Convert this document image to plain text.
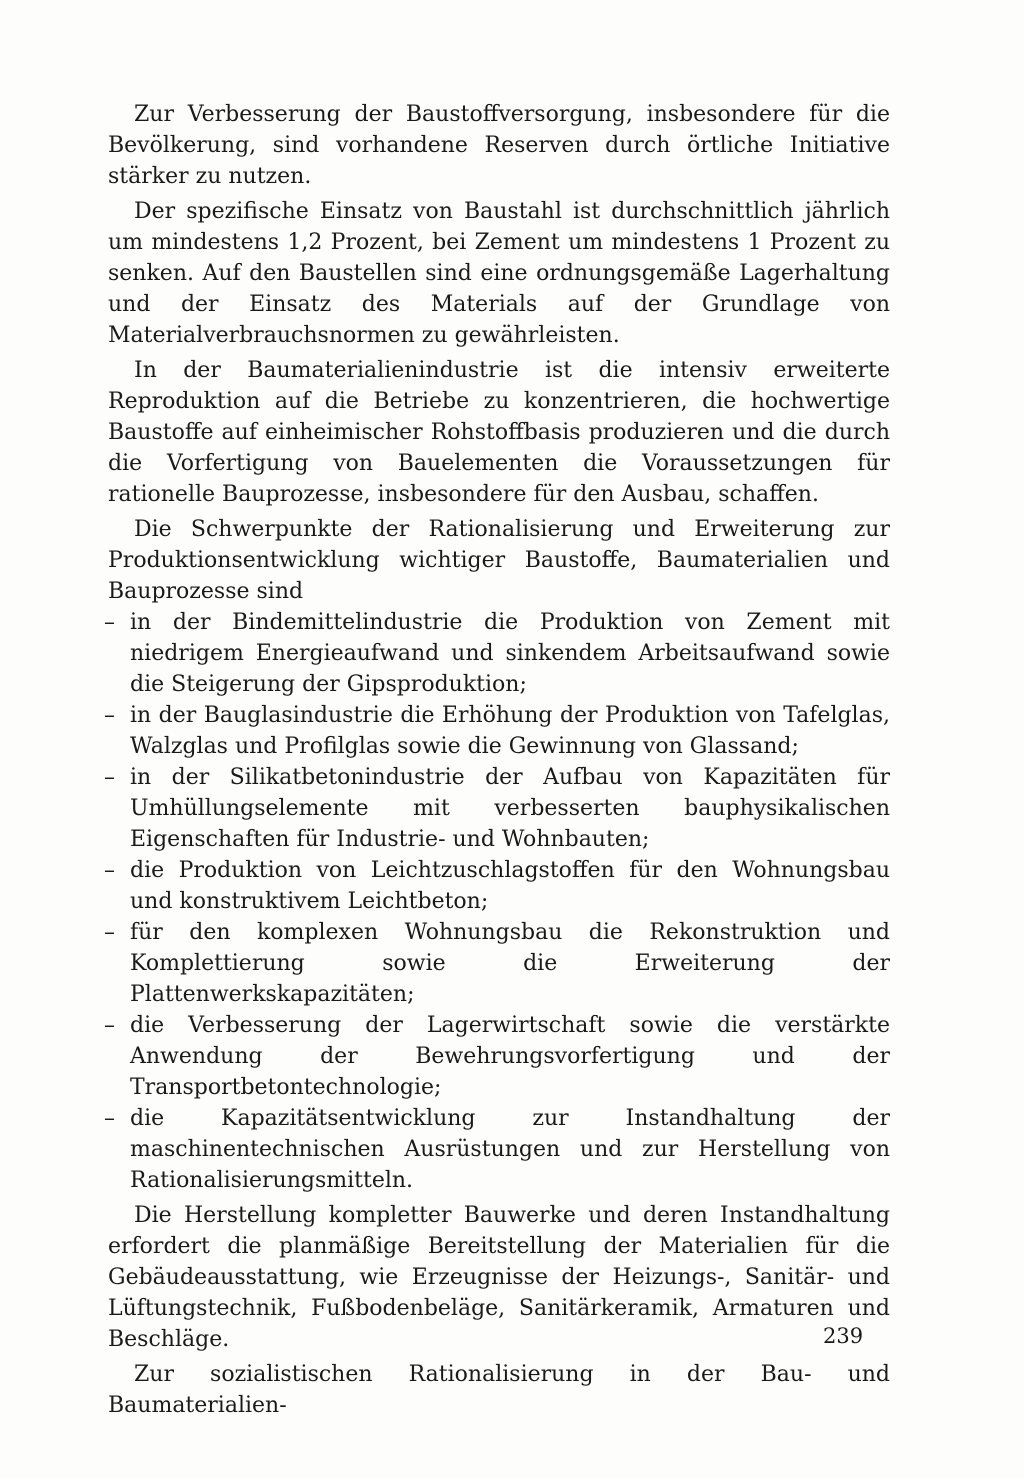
Zur Verbesserung der Baustoffversorgung, insbesondere für die Bevölkerung, sind vorhandene Reserven durch örtliche Initiative stärker zu nutzen.

Der spezifische Einsatz von Baustahl ist durchschnittlich jährlich um mindestens 1,2 Prozent, bei Zement um mindestens 1 Prozent zu senken. Auf den Baustellen sind eine ordnungsgemäße Lagerhaltung und der Einsatz des Materials auf der Grundlage von Materialverbrauchsnormen zu gewährleisten.

In der Baumaterialienindustrie ist die intensiv erweiterte Reproduktion auf die Betriebe zu konzentrieren, die hochwertige Baustoffe auf einheimischer Rohstoffbasis produzieren und die durch die Vorfertigung von Bauelementen die Voraussetzungen für rationelle Bauprozesse, insbesondere für den Ausbau, schaffen.

Die Schwerpunkte der Rationalisierung und Erweiterung zur Produktionsentwicklung wichtiger Baustoffe, Baumaterialien und Bauprozesse sind

– in der Bindemittelindustrie die Produktion von Zement mit niedrigem Energieaufwand und sinkendem Arbeitsaufwand sowie die Steigerung der Gipsproduktion;
– in der Bauglasindustrie die Erhöhung der Produktion von Tafelglas, Walzglas und Profilglas sowie die Gewinnung von Glassand;
– in der Silikatbetonindustrie der Aufbau von Kapazitäten für Umhüllungselemente mit verbesserten bauphysikalischen Eigenschaften für Industrie- und Wohnbauten;
– die Produktion von Leichtzuschlagstoffen für den Wohnungsbau und konstruktivem Leichtbeton;
– für den komplexen Wohnungsbau die Rekonstruktion und Komplettierung sowie die Erweiterung der Plattenwerkskapazitäten;
– die Verbesserung der Lagerwirtschaft sowie die verstärkte Anwendung der Bewehrungsvorfertigung und der Transportbetontechnologie;
– die Kapazitätsentwicklung zur Instandhaltung der maschinentechnischen Ausrüstungen und zur Herstellung von Rationalisierungsmitteln.

Die Herstellung kompletter Bauwerke und deren Instandhaltung erfordert die planmäßige Bereitstellung der Materialien für die Gebäudeausstattung, wie Erzeugnisse der Heizungs-, Sanitär- und Lüftungstechnik, Fußbodenbeläge, Sanitärkeramik, Armaturen und Beschläge.

Zur sozialistischen Rationalisierung in der Bau- und Baumaterialien-

239
